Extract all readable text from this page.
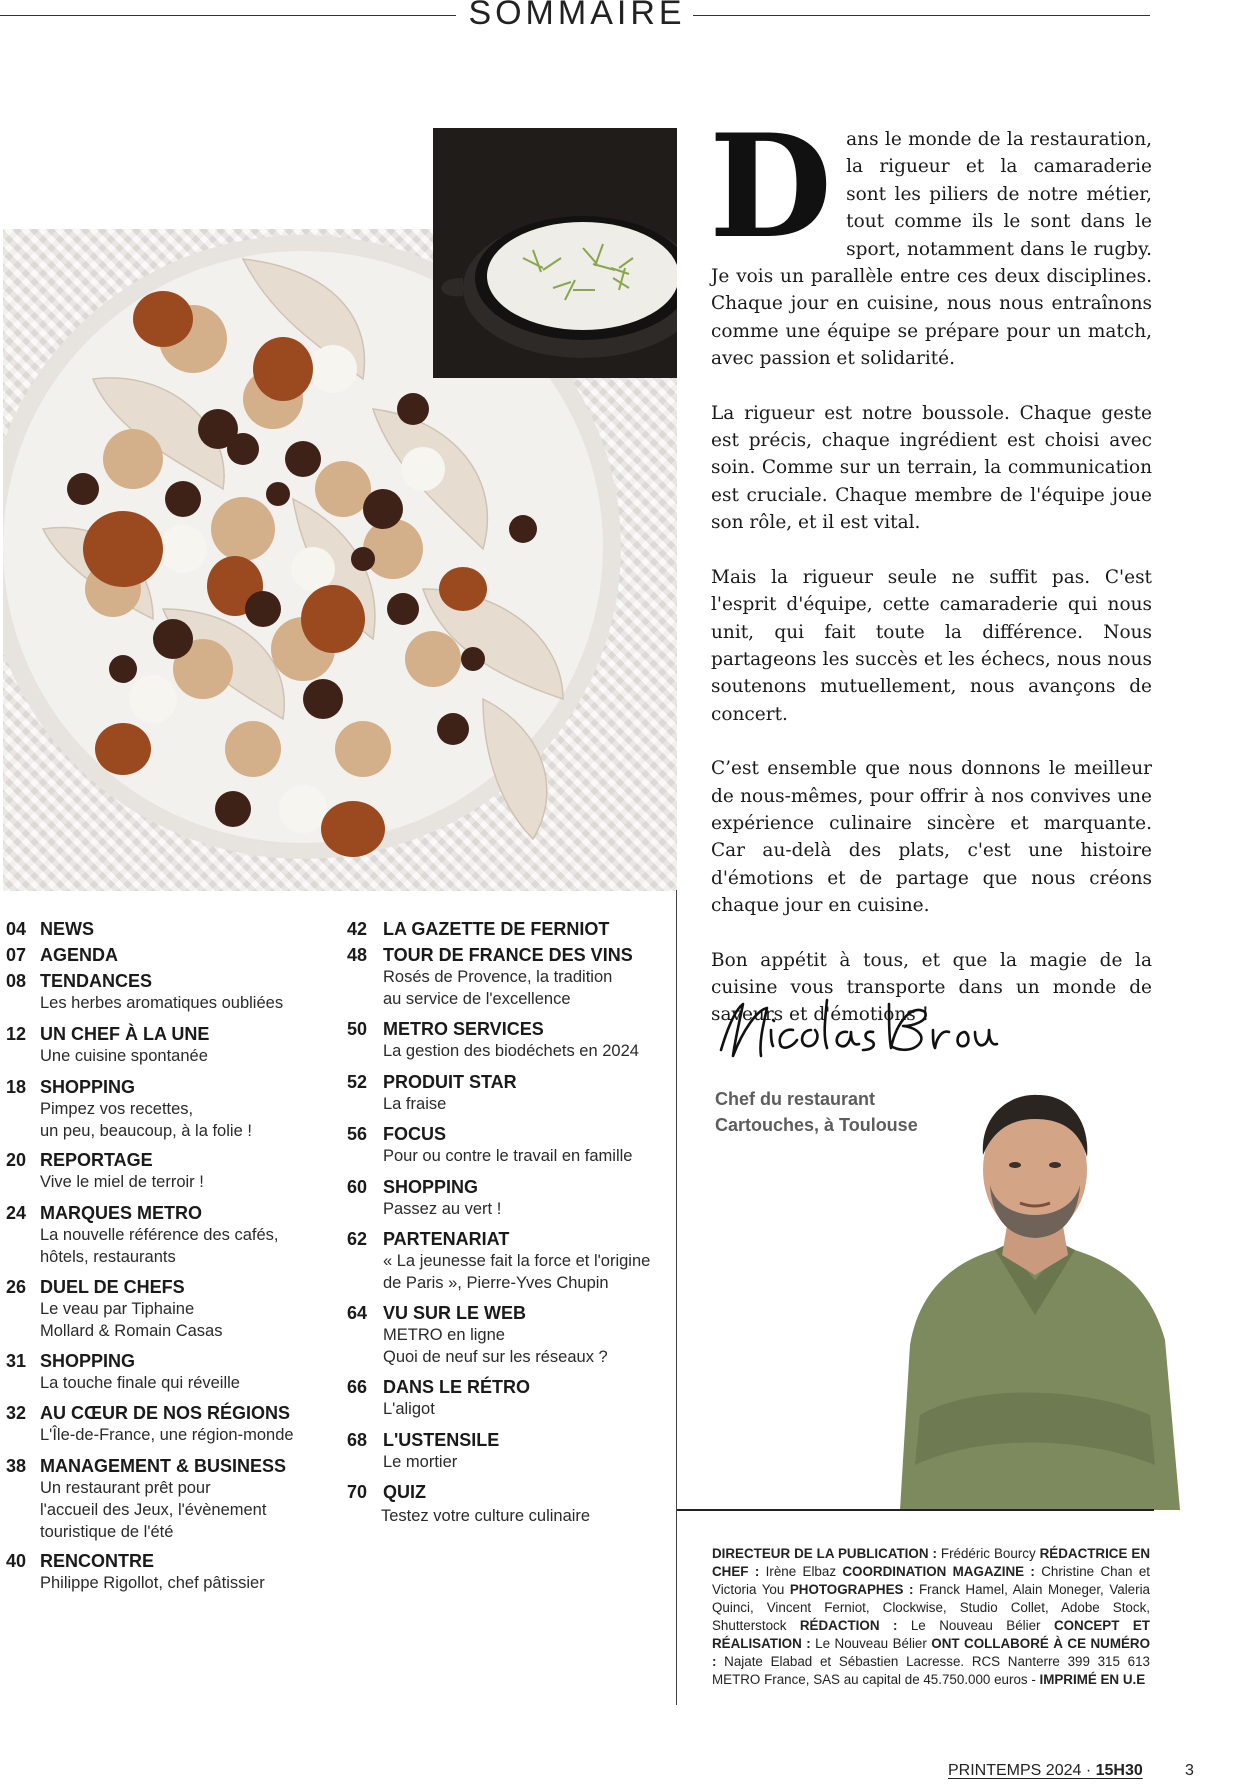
SOMMAIRE

Dans le monde de la restauration, la rigueur et la camaraderie sont les piliers de notre métier, tout comme ils le sont dans le sport, notamment dans le rugby. Je vois un parallèle entre ces deux disciplines. Chaque jour en cuisine, nous nous entraînons comme une équipe se prépare pour un match, avec passion et solidarité.

La rigueur est notre boussole. Chaque geste est précis, chaque ingrédient est choisi avec soin. Comme sur un terrain, la communication est cruciale. Chaque membre de l'équipe joue son rôle, et il est vital.

Mais la rigueur seule ne suffit pas. C'est l'esprit d'équipe, cette camaraderie qui nous unit, qui fait toute la différence. Nous partageons les succès et les échecs, nous nous soutenons mutuellement, nous avançons de concert.

C’est ensemble que nous donnons le meilleur de nous-mêmes, pour offrir à nos convives une expérience culinaire sincère et marquante. Car au-delà des plats, c'est une histoire d'émotions et de partage que nous créons chaque jour en cuisine.

Bon appétit à tous, et que la magie de la cuisine vous transporte dans un monde de saveurs et d'émotions !

Chef du restaurant
Cartouches, à Toulouse
04 NEWS
07 AGENDA
08 TENDANCES
Les herbes aromatiques oubliées
12 UN CHEF À LA UNE
Une cuisine spontanée
18 SHOPPING
Pimpez vos recettes,
un peu, beaucoup, à la folie !
20 REPORTAGE
Vive le miel de terroir !
24 MARQUES METRO
La nouvelle référence des cafés,
hôtels, restaurants
26 DUEL DE CHEFS
Le veau par Tiphaine
Mollard & Romain Casas
31 SHOPPING
La touche finale qui réveille
32 AU CŒUR DE NOS RÉGIONS
L'Île-de-France, une région-monde
38 MANAGEMENT & BUSINESS
Un restaurant prêt pour
l'accueil des Jeux, l'évènement
touristique de l'été
40 RENCONTRE
Philippe Rigollot, chef pâtissier
42 LA GAZETTE DE FERNIOT
48 TOUR DE FRANCE DES VINS
Rosés de Provence, la tradition
au service de l'excellence
50 METRO SERVICES
La gestion des biodéchets en 2024
52 PRODUIT STAR
La fraise
56 FOCUS
Pour ou contre le travail en famille
60 SHOPPING
Passez au vert !
62 PARTENARIAT
« La jeunesse fait la force et l'origine
de Paris », Pierre-Yves Chupin
64 VU SUR LE WEB
METRO en ligne
Quoi de neuf sur les réseaux ?
66 DANS LE RÉTRO
L'aligot
68 L'USTENSILE
Le mortier
70 QUIZ
Testez votre culture culinaire
DIRECTEUR DE LA PUBLICATION : Frédéric Bourcy RÉDACTRICE EN CHEF : Irène Elbaz COORDINATION MAGAZINE : Christine Chan et Victoria You PHOTOGRAPHES : Franck Hamel, Alain Moneger, Valeria Quinci, Vincent Ferniot, Clockwise, Studio Collet, Adobe Stock, Shutterstock RÉDACTION : Le Nouveau Bélier CONCEPT ET RÉALISATION : Le Nouveau Bélier ONT COLLABORÉ À CE NUMÉRO : Najate Elabad et Sébastien Lacresse. RCS Nanterre 399 315 613 METRO France, SAS au capital de 45.750.000 euros - IMPRIMÉ EN U.E
PRINTEMPS 2024 · 15H30	3
